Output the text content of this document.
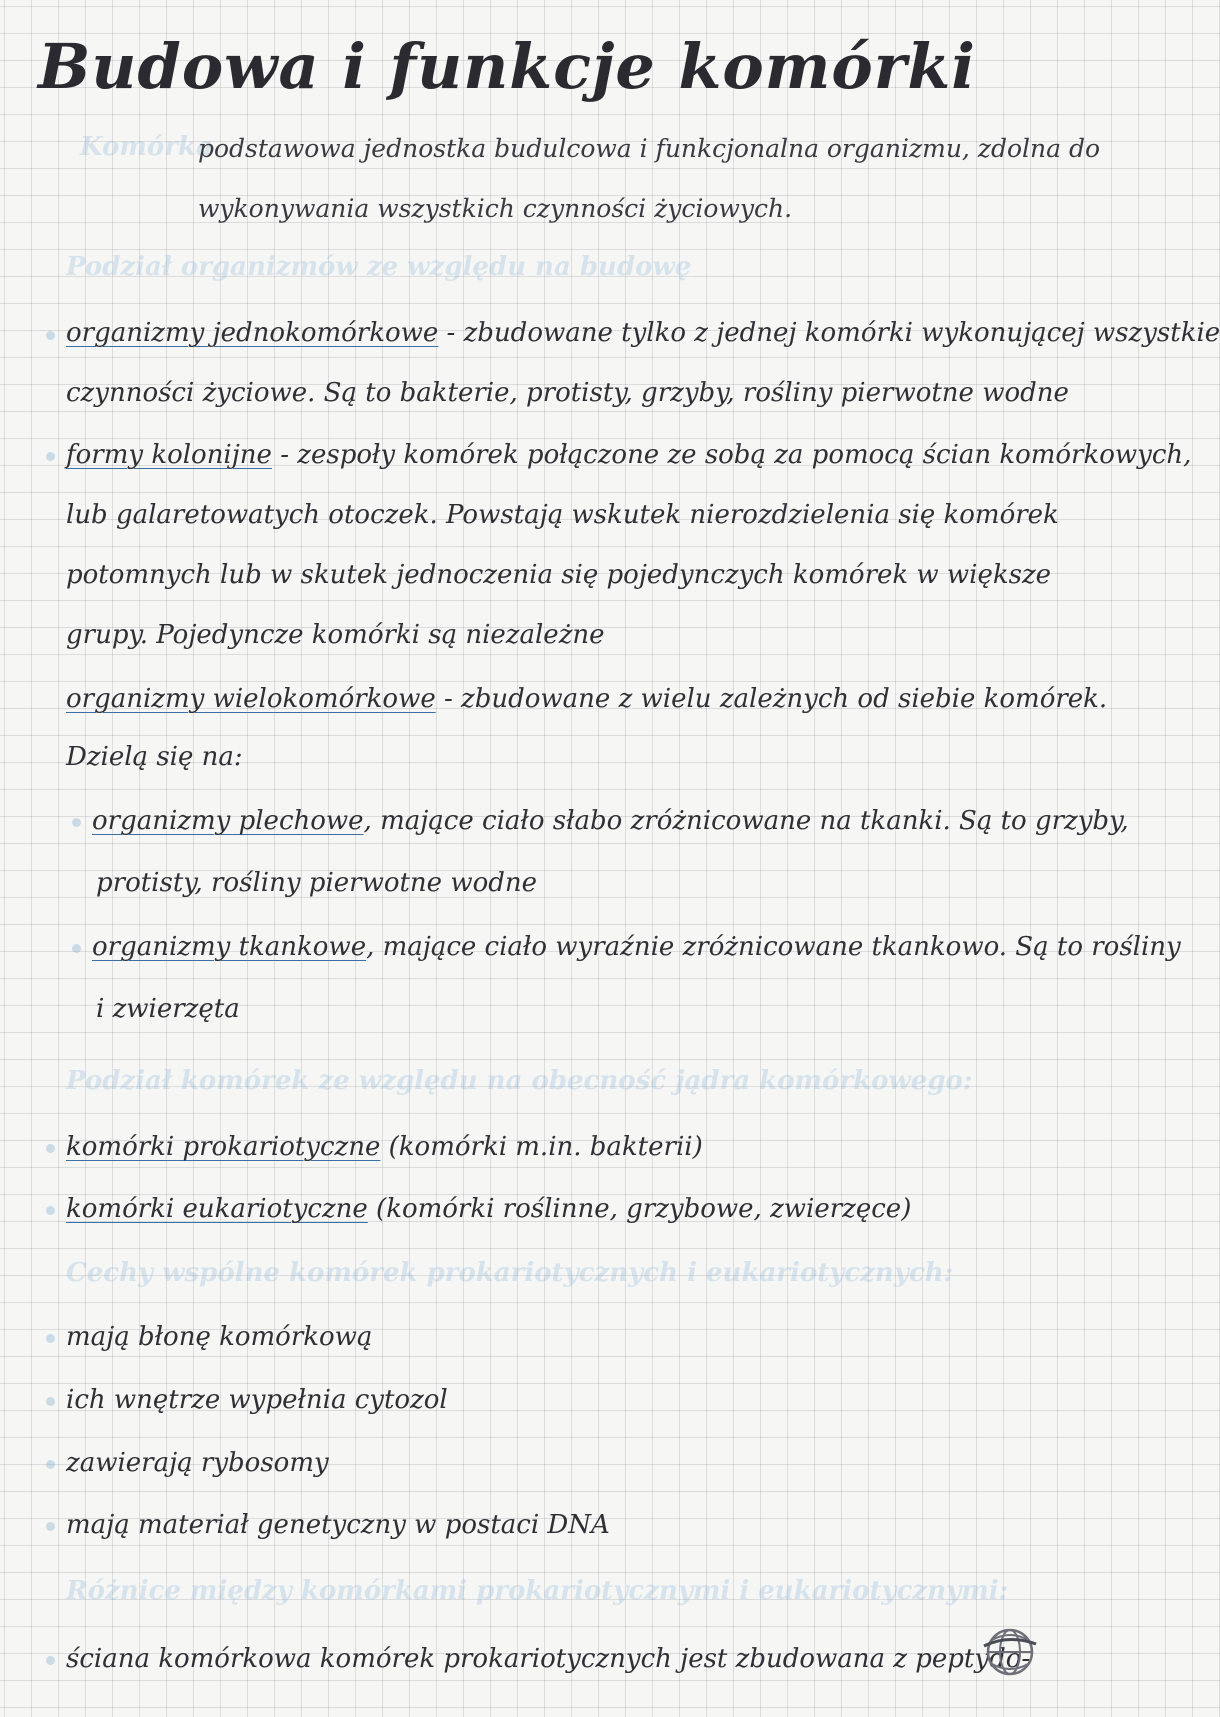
Budowa i funkcje komórki
Komórka
podstawowa jednostka budulcowa i funkcjonalna organizmu, zdolna do
wykonywania wszystkich czynności życiowych.
Podział organizmów ze względu na budowę
organizmy jednokomórkowe - zbudowane tylko z jednej komórki wykonującej wszystkie
czynności życiowe. Są to bakterie, protisty, grzyby, rośliny pierwotne wodne
formy kolonijne - zespoły komórek połączone ze sobą za pomocą ścian komórkowych,
lub galaretowatych otoczek. Powstają wskutek nierozdzielenia się komórek
potomnych lub w skutek jednoczenia się pojedynczych komórek w większe
grupy. Pojedyncze komórki są niezależne
organizmy wielokomórkowe - zbudowane z wielu zależnych od siebie komórek.
Dzielą się na:
organizmy plechowe, mające ciało słabo zróżnicowane na tkanki. Są to grzyby,
protisty, rośliny pierwotne wodne
organizmy tkankowe, mające ciało wyraźnie zróżnicowane tkankowo. Są to rośliny
i zwierzęta
Podział komórek ze względu na obecność jądra komórkowego:
komórki prokariotyczne (komórki m.in. bakterii)
komórki eukariotyczne (komórki roślinne, grzybowe, zwierzęce)
Cechy wspólne komórek prokariotycznych i eukariotycznych:
mają błonę komórkową
ich wnętrze wypełnia cytozol
zawierają rybosomy
mają materiał genetyczny w postaci DNA
Różnice między komórkami prokariotycznymi i eukariotycznymi:
ściana komórkowa komórek prokariotycznych jest zbudowana z peptydo-
